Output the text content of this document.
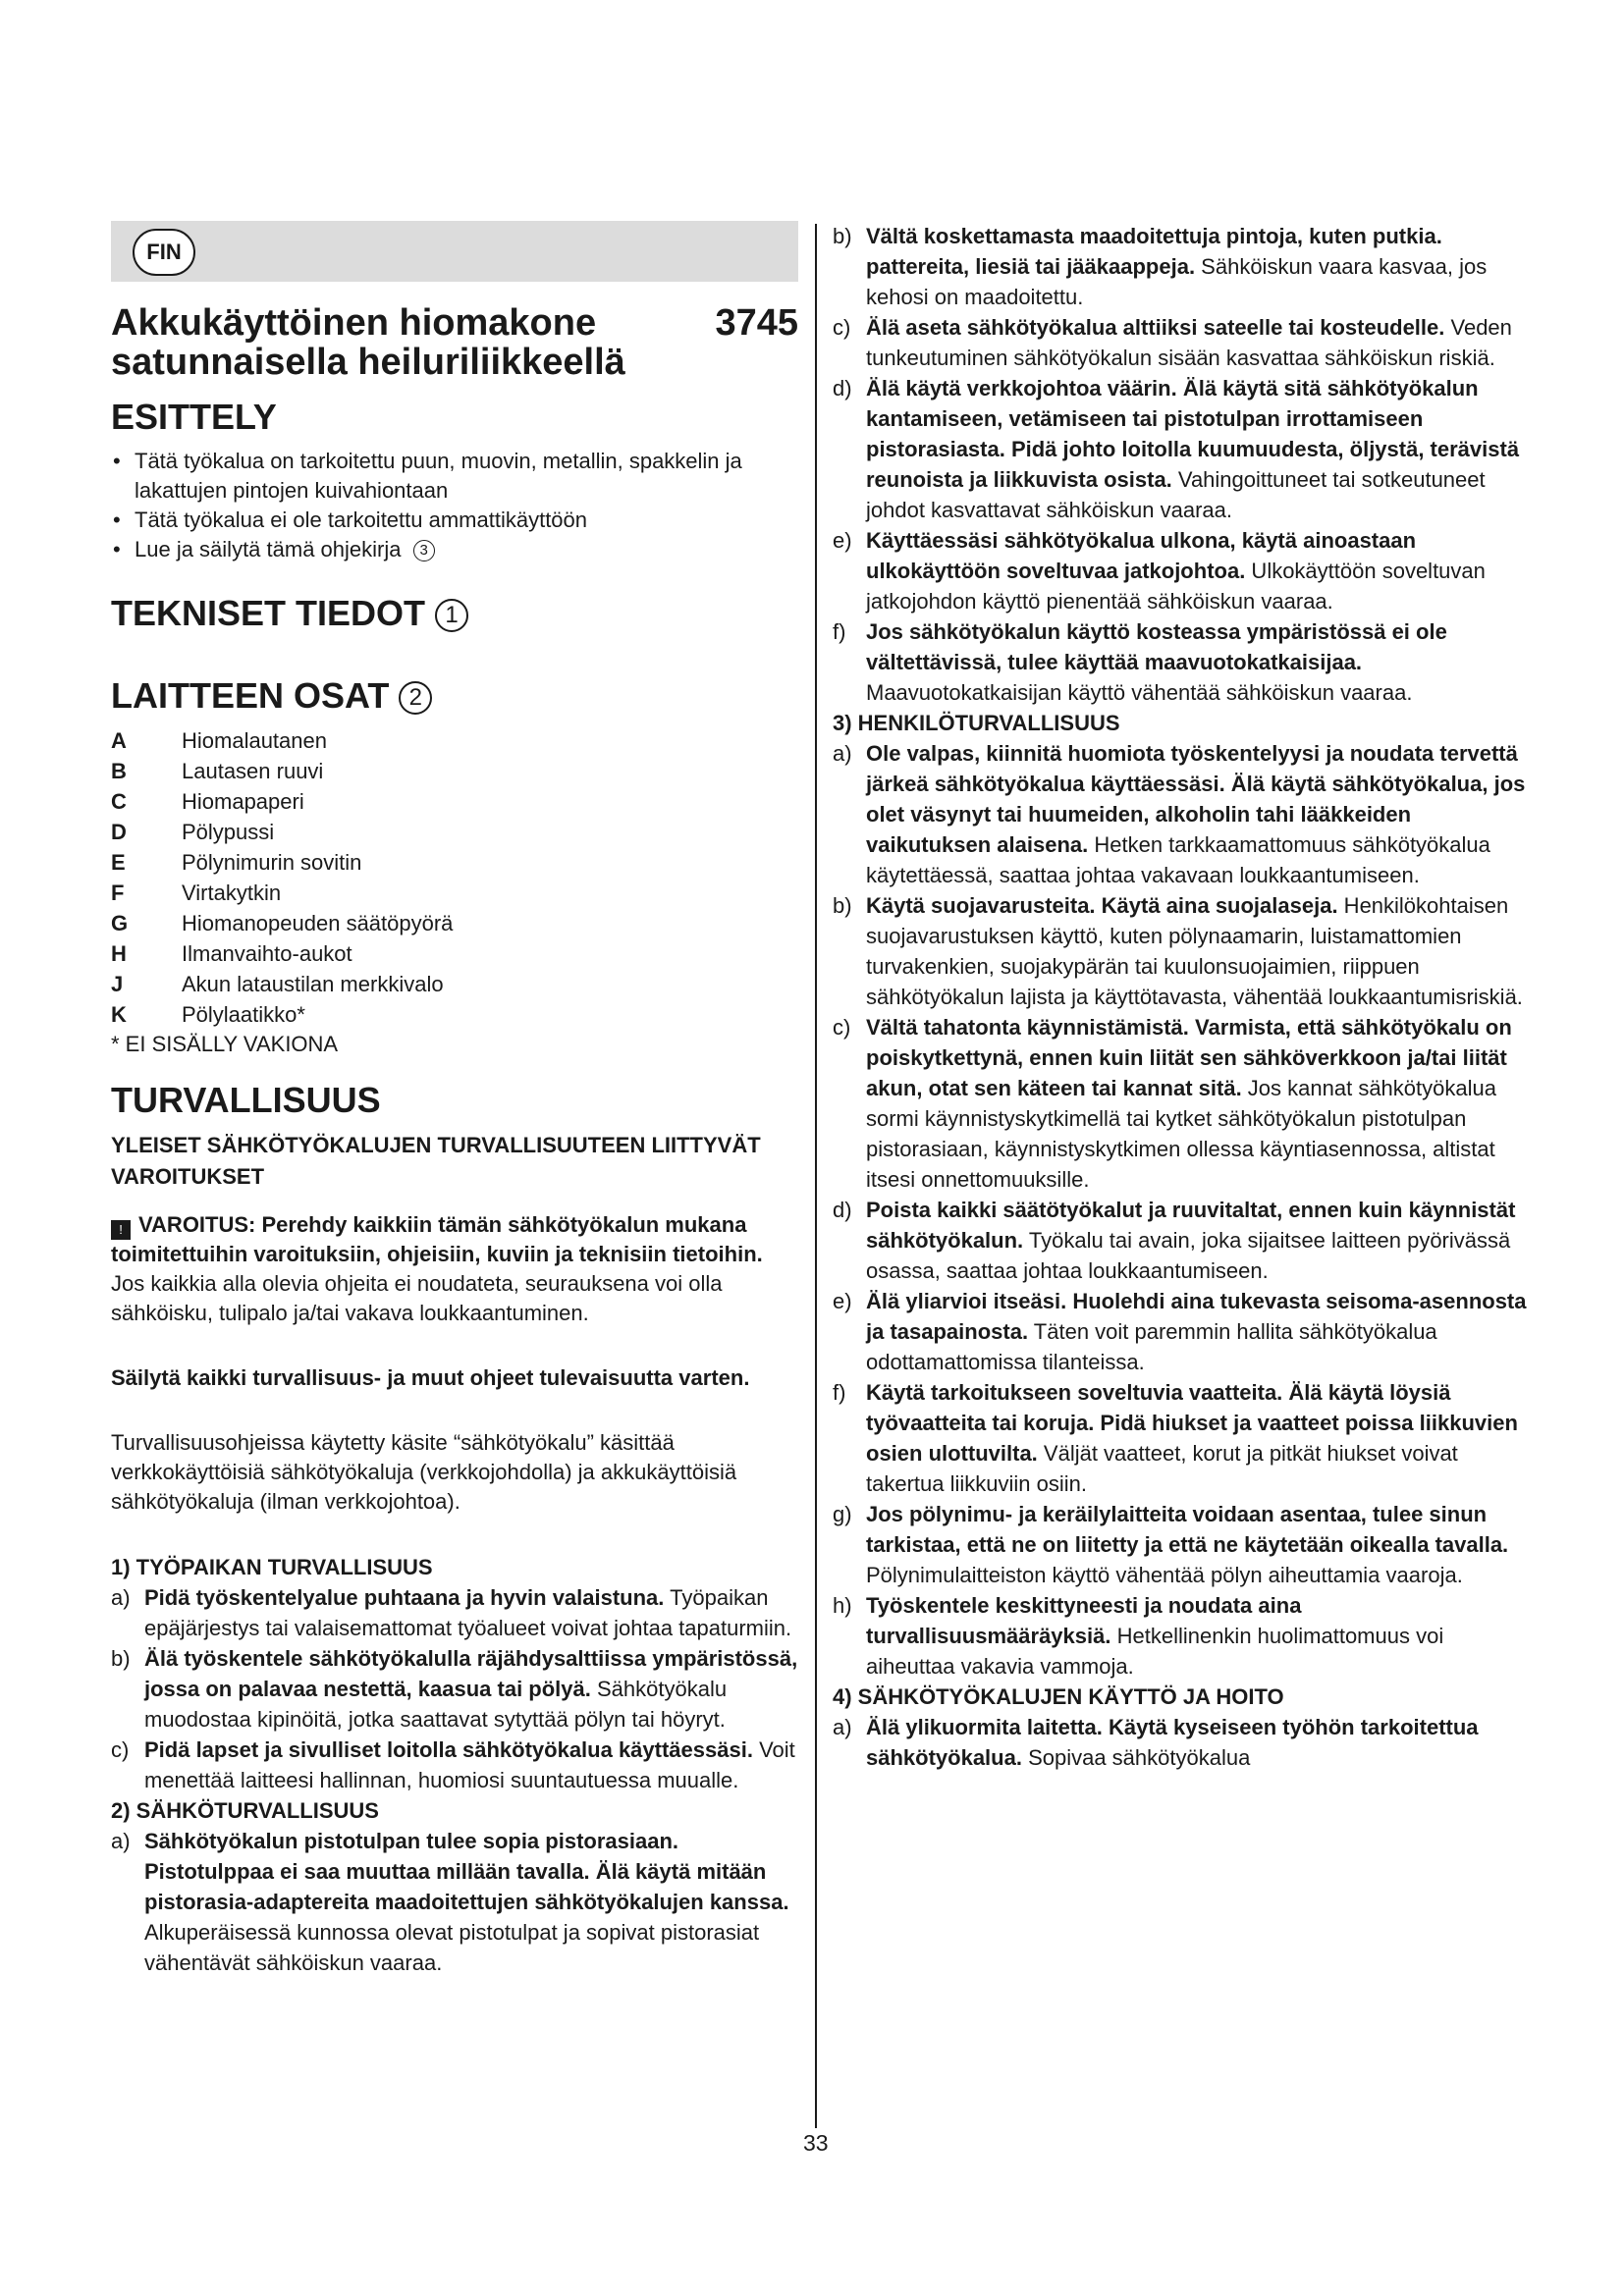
FIN
Akkukäyttöinen hiomakone	3745
satunnaisella heiluriliikkeellä
ESITTELY
• Tätä työkalua on tarkoitettu puun, muovin, metallin, spakkelin ja lakattujen pintojen kuivahiontaan
• Tätä työkalua ei ole tarkoitettu ammattikäyttöön
• Lue ja säilytä tämä ohjekirja 3
TEKNISET TIEDOT 1
LAITTEEN OSAT 2
A	Hiomalautanen
B	Lautasen ruuvi
C	Hiomapaperi
D	Pölypussi
E	Pölynimurin sovitin
F	Virtakytkin
G	Hiomanopeuden säätöpyörä
H	Ilmanvaihto-aukot
J	Akun lataustilan merkkivalo
K	Pölylaatikko*
* EI SISÄLLY VAKIONA
TURVALLISUUS
YLEISET SÄHKÖTYÖKALUJEN TURVALLISUUTEEN LIITTYVÄT VAROITUKSET
! VAROITUS: Perehdy kaikkiin tämän sähkötyökalun mukana toimitettuihin varoituksiin, ohjeisiin, kuviin ja teknisiin tietoihin. Jos kaikkia alla olevia ohjeita ei noudateta, seurauksena voi olla sähköisku, tulipalo ja/tai vakava loukkaantuminen.
Säilytä kaikki turvallisuus- ja muut ohjeet tulevaisuutta varten.
Turvallisuusohjeissa käytetty käsite “sähkötyökalu” käsittää verkkokäyttöisiä sähkötyökaluja (verkkojohdolla) ja akkukäyttöisiä sähkötyökaluja (ilman verkkojohtoa).
1) TYÖPAIKAN TURVALLISUUS
a) Pidä työskentelyalue puhtaana ja hyvin valaistuna. Työpaikan epäjärjestys tai valaisemattomat työalueet voivat johtaa tapaturmiin.
b) Älä työskentele sähkötyökalulla räjähdysalttiissa ympäristössä, jossa on palavaa nestettä, kaasua tai pölyä. Sähkötyökalu muodostaa kipinöitä, jotka saattavat sytyttää pölyn tai höyryt.
c) Pidä lapset ja sivulliset loitolla sähkötyökalua käyttäessäsi. Voit menettää laitteesi hallinnan, huomiosi suuntautuessa muualle.
2) SÄHKÖTURVALLISUUS
a) Sähkötyökalun pistotulpan tulee sopia pistorasiaan. Pistotulppaa ei saa muuttaa millään tavalla. Älä käytä mitään pistorasia-adaptereita maadoitettujen sähkötyökalujen kanssa. Alkuperäisessä kunnossa olevat pistotulpat ja sopivat pistorasiat vähentävät sähköiskun vaaraa.
b) Vältä koskettamasta maadoitettuja pintoja, kuten putkia. pattereita, liesiä tai jääkaappeja. Sähköiskun vaara kasvaa, jos kehosi on maadoitettu.
c) Älä aseta sähkötyökalua alttiiksi sateelle tai kosteudelle. Veden tunkeutuminen sähkötyökalun sisään kasvattaa sähköiskun riskiä.
d) Älä käytä verkkojohtoa väärin. Älä käytä sitä sähkötyökalun kantamiseen, vetämiseen tai pistotulpan irrottamiseen pistorasiasta. Pidä johto loitolla kuumuudesta, öljystä, terävistä reunoista ja liikkuvista osista. Vahingoittuneet tai sotkeutuneet johdot kasvattavat sähköiskun vaaraa.
e) Käyttäessäsi sähkötyökalua ulkona, käytä ainoastaan ulkokäyttöön soveltuvaa jatkojohtoa. Ulkokäyttöön soveltuvan jatkojohdon käyttö pienentää sähköiskun vaaraa.
f) Jos sähkötyökalun käyttö kosteassa ympäristössä ei ole vältettävissä, tulee käyttää maavuotokatkaisijaa. Maavuotokatkaisijan käyttö vähentää sähköiskun vaaraa.
3) HENKILÖTURVALLISUUS
a) Ole valpas, kiinnitä huomiota työskentelyysi ja noudata tervettä järkeä sähkötyökalua käyttäessäsi. Älä käytä sähkötyökalua, jos olet väsynyt tai huumeiden, alkoholin tahi lääkkeiden vaikutuksen alaisena. Hetken tarkkaamattomuus sähkötyökalua käytettäessä, saattaa johtaa vakavaan loukkaantumiseen.
b) Käytä suojavarusteita. Käytä aina suojalaseja. Henkilökohtaisen suojavarustuksen käyttö, kuten pölynaamarin, luistamattomien turvakenkien, suojakypärän tai kuulonsuojaimien, riippuen sähkötyökalun lajista ja käyttötavasta, vähentää loukkaantumisriskiä.
c) Vältä tahatonta käynnistämistä. Varmista, että sähkötyökalu on poiskytkettynä, ennen kuin liität sen sähköverkkoon ja/tai liität akun, otat sen käteen tai kannat sitä. Jos kannat sähkötyökalua sormi käynnistyskytkimellä tai kytket sähkötyökalun pistotulpan pistorasiaan, käynnistyskytkimen ollessa käyntiasennossa, altistat itsesi onnettomuuksille.
d) Poista kaikki säätötyökalut ja ruuvitaltat, ennen kuin käynnistät sähkötyökalun. Työkalu tai avain, joka sijaitsee laitteen pyörivässä osassa, saattaa johtaa loukkaantumiseen.
e) Älä yliarvioi itseäsi. Huolehdi aina tukevasta seisoma-asennosta ja tasapainosta. Täten voit paremmin hallita sähkötyökalua odottamattomissa tilanteissa.
f) Käytä tarkoitukseen soveltuvia vaatteita. Älä käytä löysiä työvaatteita tai koruja. Pidä hiukset ja vaatteet poissa liikkuvien osien ulottuvilta. Väljät vaatteet, korut ja pitkät hiukset voivat takertua liikkuviin osiin.
g) Jos pölynimu- ja keräilylaitteita voidaan asentaa, tulee sinun tarkistaa, että ne on liitetty ja että ne käytetään oikealla tavalla. Pölynimulaitteiston käyttö vähentää pölyn aiheuttamia vaaroja.
h) Työskentele keskittyneesti ja noudata aina turvallisuusmääräyksiä. Hetkellinenkin huolimattomuus voi aiheuttaa vakavia vammoja.
4) SÄHKÖTYÖKALUJEN KÄYTTÖ JA HOITO
a) Älä ylikuormita laitetta. Käytä kyseiseen työhön tarkoitettua sähkötyökalua. Sopivaa sähkötyökalua
33
